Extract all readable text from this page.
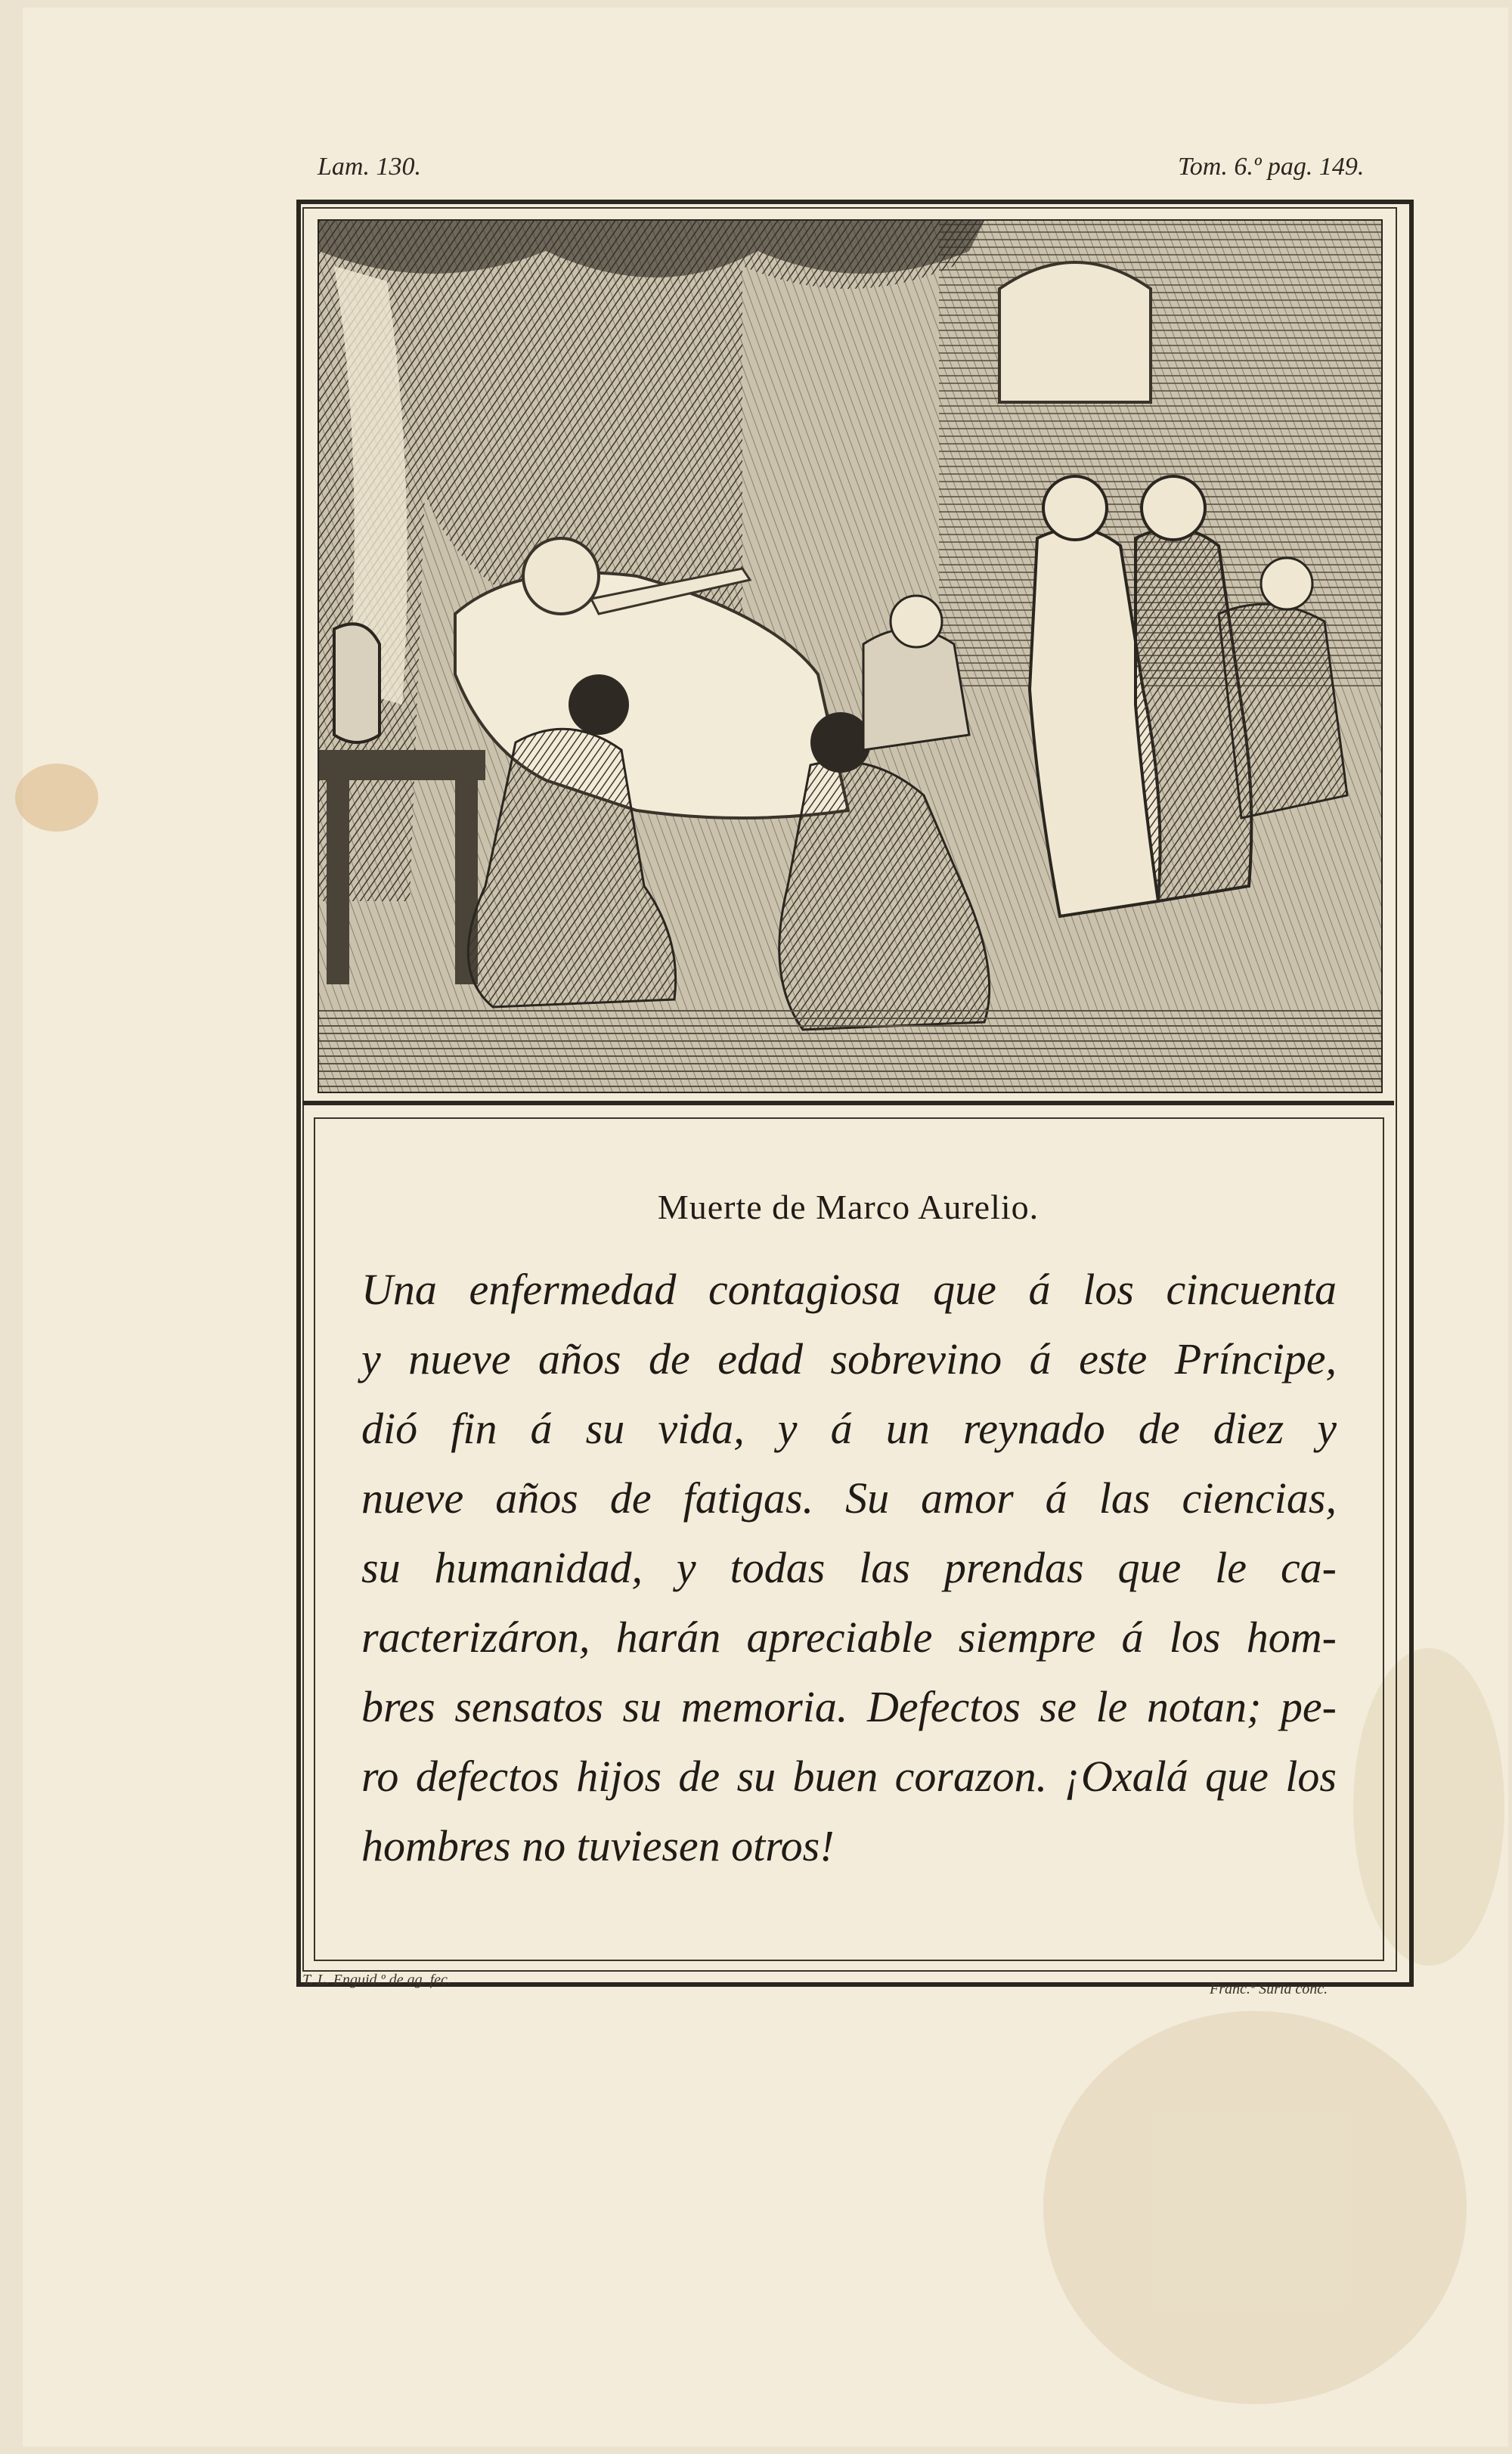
Lam. 130.	Tom. 6.º pag. 149.
Muerte de Marco Aurelio.
Una enfermedad contagiosa que á los cincuenta
y nueve años de edad sobrevino á este Príncipe,
dió fin á su vida, y á un reynado de diez y
nueve años de fatigas. Su amor á las ciencias,
su humanidad, y todas las prendas que le ca-
racterizáron, harán apreciable siempre á los hom-
bres sensatos su memoria. Defectos se le notan; pe-
ro defectos hijos de su buen corazon. ¡Oxalá que los
hombres no tuviesen otros!
T. L. Enguid.º de ag. fec.
Franc.º Suria conc.
